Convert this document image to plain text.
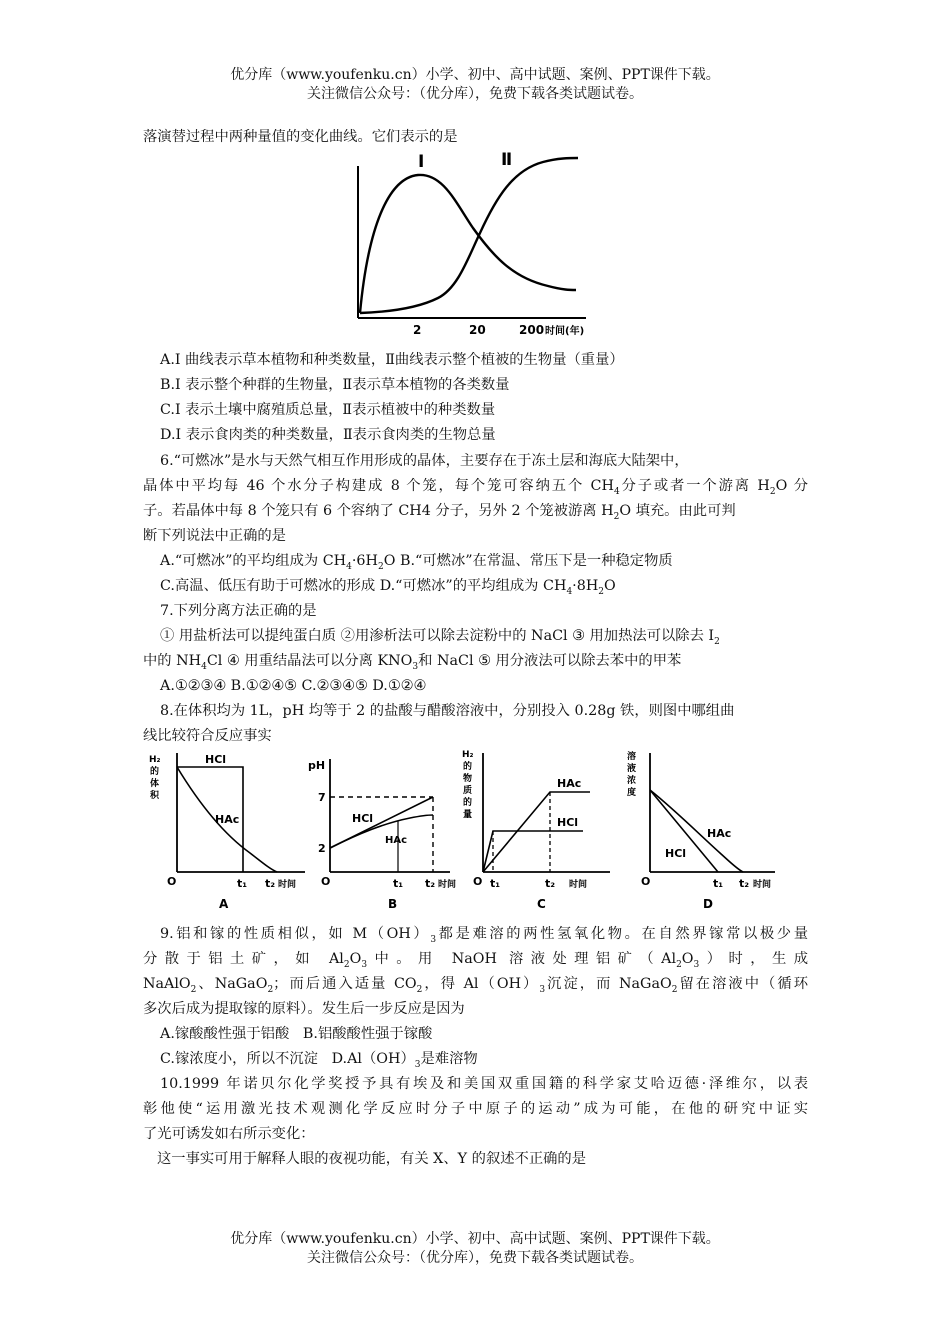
优分库（www.youfenku.cn）小学、初中、高中试题、案例、PPT课件下载。
关注微信公众号：（优分库），免费下载各类试题试卷。
落演替过程中两种量值的变化曲线。它们表示的是
Ⅰ	Ⅱ
2	20	200 时间(年)
A.Ⅰ 曲线表示草本植物和种类数量，Ⅱ曲线表示整个植被的生物量（重量）
B.Ⅰ 表示整个种群的生物量，Ⅱ表示草本植物的各类数量
C.Ⅰ 表示土壤中腐殖质总量，Ⅱ表示植被中的种类数量
D.Ⅰ 表示食肉类的种类数量，Ⅱ表示食肉类的生物总量
6.“可燃冰”是水与天然气相互作用形成的晶体，主要存在于冻土层和海底大陆架中，
晶体中平均每 46 个水分子构建成 8 个笼，每个笼可容纳五个 $CH_4$分子或者一个游离 $H_2O$ 分
子。若晶体中每 8 个笼只有 6 个容纳了 CH4 分子，另外 2 个笼被游离 $H_2O$ 填充。由此可判
断下列说法中正确的是
A.“可燃冰”的平均组成为 $CH_4\cdot 6H_2O$ B.“可燃冰”在常温、常压下是一种稳定物质
C.高温、低压有助于可燃冰的形成 D.“可燃冰”的平均组成为 $CH_4\cdot 8H_2O$
7.下列分离方法正确的是
① 用盐析法可以提纯蛋白质 ②用渗析法可以除去淀粉中的 NaCl ③ 用加热法可以除去 $I_2$
中的 $NH_4Cl$ ④ 用重结晶法可以分离 $KNO_3$和 NaCl ⑤ 用分液法可以除去苯中的甲苯
A.①②③④ B.①②④⑤ C.②③④⑤ D.①②④
8.在体积均为 1L，pH 均等于 2 的盐酸与醋酸溶液中，分别投入 0.28g 铁，则图中哪组曲
线比较符合反应事实
H₂ 的体积
HCl
HAc
O	t₁ t₂ 时间
A
pH
7
2
HCl
HAc
O	t₁ t₂ 时间
B
H₂ 的物质的量
HAc
HCl
O t₁	t₂ 时间
C
溶液浓度
HAc
HCl
O	t₁ t₂ 时间
D
9.铝和镓的性质相似，如 $M(OH)_3$都是难溶的两性氢氧化物。在自然界镓常以极少量
分散于铝土矿，如 $Al_2O_3$中。用 NaOH 溶液处理铝矿$(Al_2O_3)$时，生成
NaAlO$_2$、NaGaO$_2$；而后通入适量 $CO_2$，得 $Al(OH)_3$沉淀，而 NaGaO$_2$留在溶液中（循环
多次后成为提取镓的原料）。发生后一步反应是因为
A.镓酸酸性强于铝酸 B.铝酸酸性强于镓酸
C.镓浓度小，所以不沉淀 $D.Al(OH)_3$是难溶物
10.1999 年诺贝尔化学奖授予具有埃及和美国双重国籍的科学家艾哈迈德·泽维尔，以表
彰他使“运用激光技术观测化学反应时分子中原子的运动”成为可能，在他的研究中证实
了光可诱发如右所示变化：
这一事实可用于解释人眼的夜视功能，有关 X、Y 的叙述不正确的是
优分库（www.youfenku.cn）小学、初中、高中试题、案例、PPT课件下载。
关注微信公众号：（优分库），免费下载各类试题试卷。
